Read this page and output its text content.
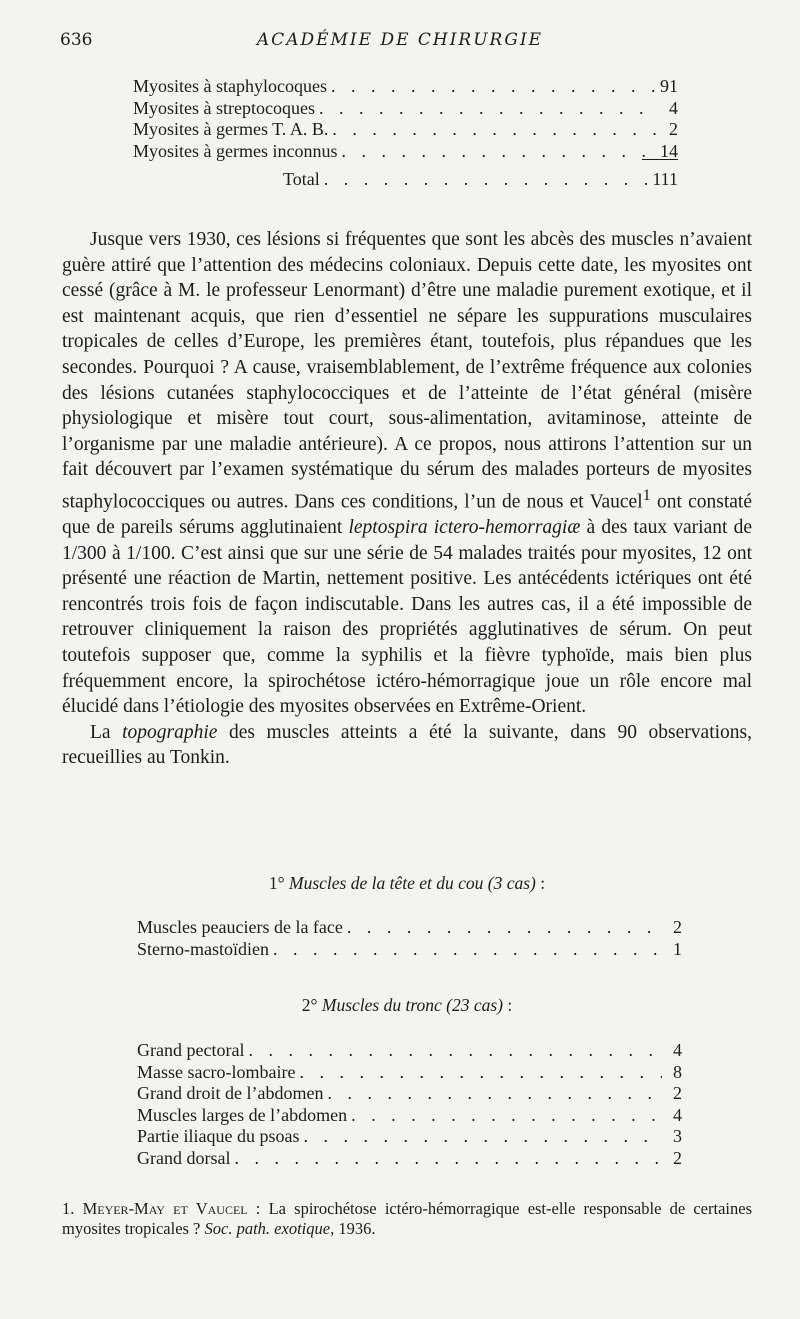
636	ACADÉMIE DE CHIRURGIE
Myosites à staphylocoques . . .	91
Myosites à streptocoques . . .	4
Myosites à germes T. A. B. . . .	2
Myosites à germes inconnus . . .	14
Total . . .	111

Jusque vers 1930, ces lésions si fréquentes que sont les abcès des muscles n’avaient guère attiré que l’attention des médecins coloniaux. Depuis cette date, les myosites ont cessé (grâce à M. le professeur Lenormant) d’être une maladie purement exotique, et il est maintenant acquis, que rien d’essentiel ne sépare les suppurations musculaires tropicales de celles d’Europe, les premières étant, toutefois, plus répandues que les secondes. Pourquoi ? A cause, vraisemblablement, de l’extrême fréquence aux colonies des lésions cutanées staphylococciques et de l’atteinte de l’état général (misère physiologique et misère tout court, sous-alimentation, avitaminose, atteinte de l’organisme par une maladie antérieure). A ce propos, nous attirons l’attention sur un fait découvert par l’examen systématique du sérum des malades porteurs de myosites staphylococciques ou autres. Dans ces conditions, l’un de nous et Vaucel$^1$ ont constaté que de pareils sérums agglutinaient leptospira ictero-hemorragiæ à des taux variant de 1/300 à 1/100. C’est ainsi que sur une série de 54 malades traités pour myosites, 12 ont présenté une réaction de Martin, nettement positive. Les antécédents ictériques ont été rencontrés trois fois de façon indiscutable. Dans les autres cas, il a été impossible de retrouver cliniquement la raison des propriétés agglutinatives de sérum. On peut toutefois supposer que, comme la syphilis et la fièvre typhoïde, mais bien plus fréquemment encore, la spirochétose ictéro-hémorragique joue un rôle encore mal élucidé dans l’étiologie des myosites observées en Extrême-Orient.

La topographie des muscles atteints a été la suivante, dans 90 observations, recueillies au Tonkin.

1° Muscles de la tête et du cou (3 cas) :
Muscles peauciers de la face . . .	2
Sterno-mastoïdien . . .	1
2° Muscles du tronc (23 cas) :
Grand pectoral . . .	4
Masse sacro-lombaire . . .	8
Grand droit de l’abdomen . . .	2
Muscles larges de l’abdomen . . .	4
Partie iliaque du psoas . . .	3
Grand dorsal . . .	2
1. Meyer-May et Vaucel : La spirochétose ictéro-hémorragique est-elle responsable de certaines myosites tropicales ? Soc. path. exotique, 1936.
